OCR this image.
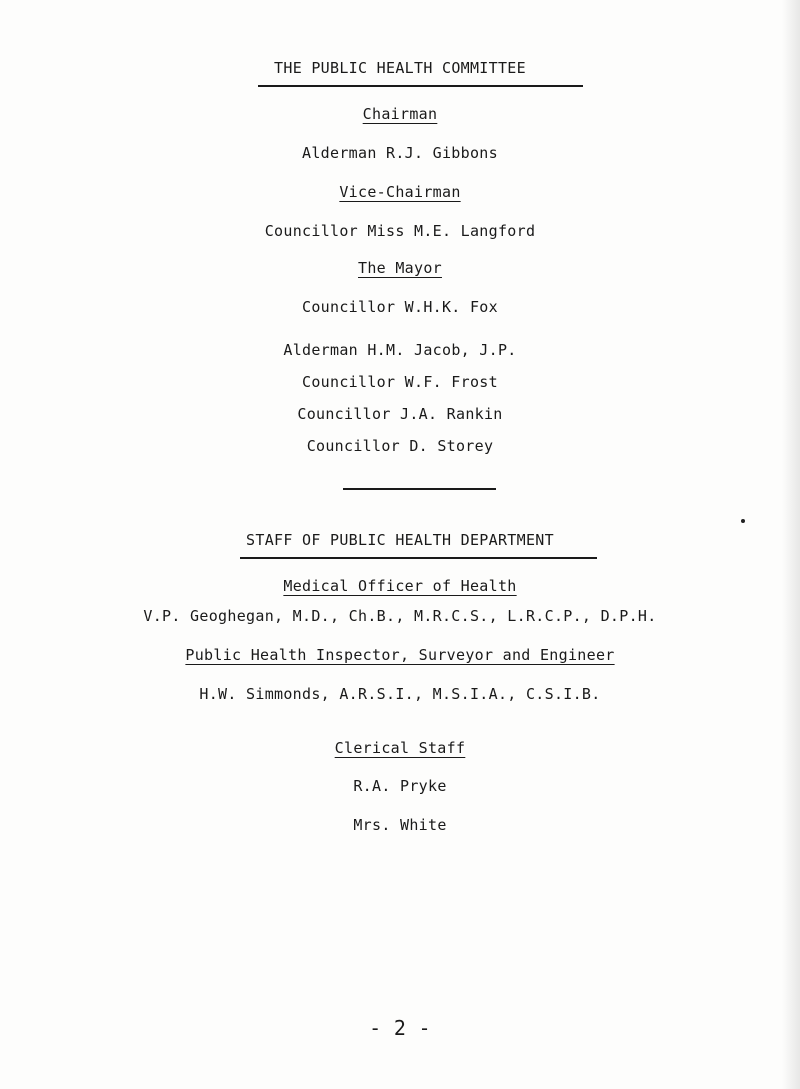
THE PUBLIC HEALTH COMMITTEE
Chairman
Alderman R.J. Gibbons
Vice-Chairman
Councillor Miss M.E. Langford
The Mayor
Councillor W.H.K. Fox
Alderman H.M. Jacob, J.P.
Councillor W.F. Frost
Councillor J.A. Rankin
Councillor D. Storey
STAFF OF PUBLIC HEALTH DEPARTMENT
Medical Officer of Health
V.P. Geoghegan, M.D., Ch.B., M.R.C.S., L.R.C.P., D.P.H.
Public Health Inspector, Surveyor and Engineer
H.W. Simmonds, A.R.S.I., M.S.I.A., C.S.I.B.
Clerical Staff
R.A. Pryke
Mrs. White
- 2 -
